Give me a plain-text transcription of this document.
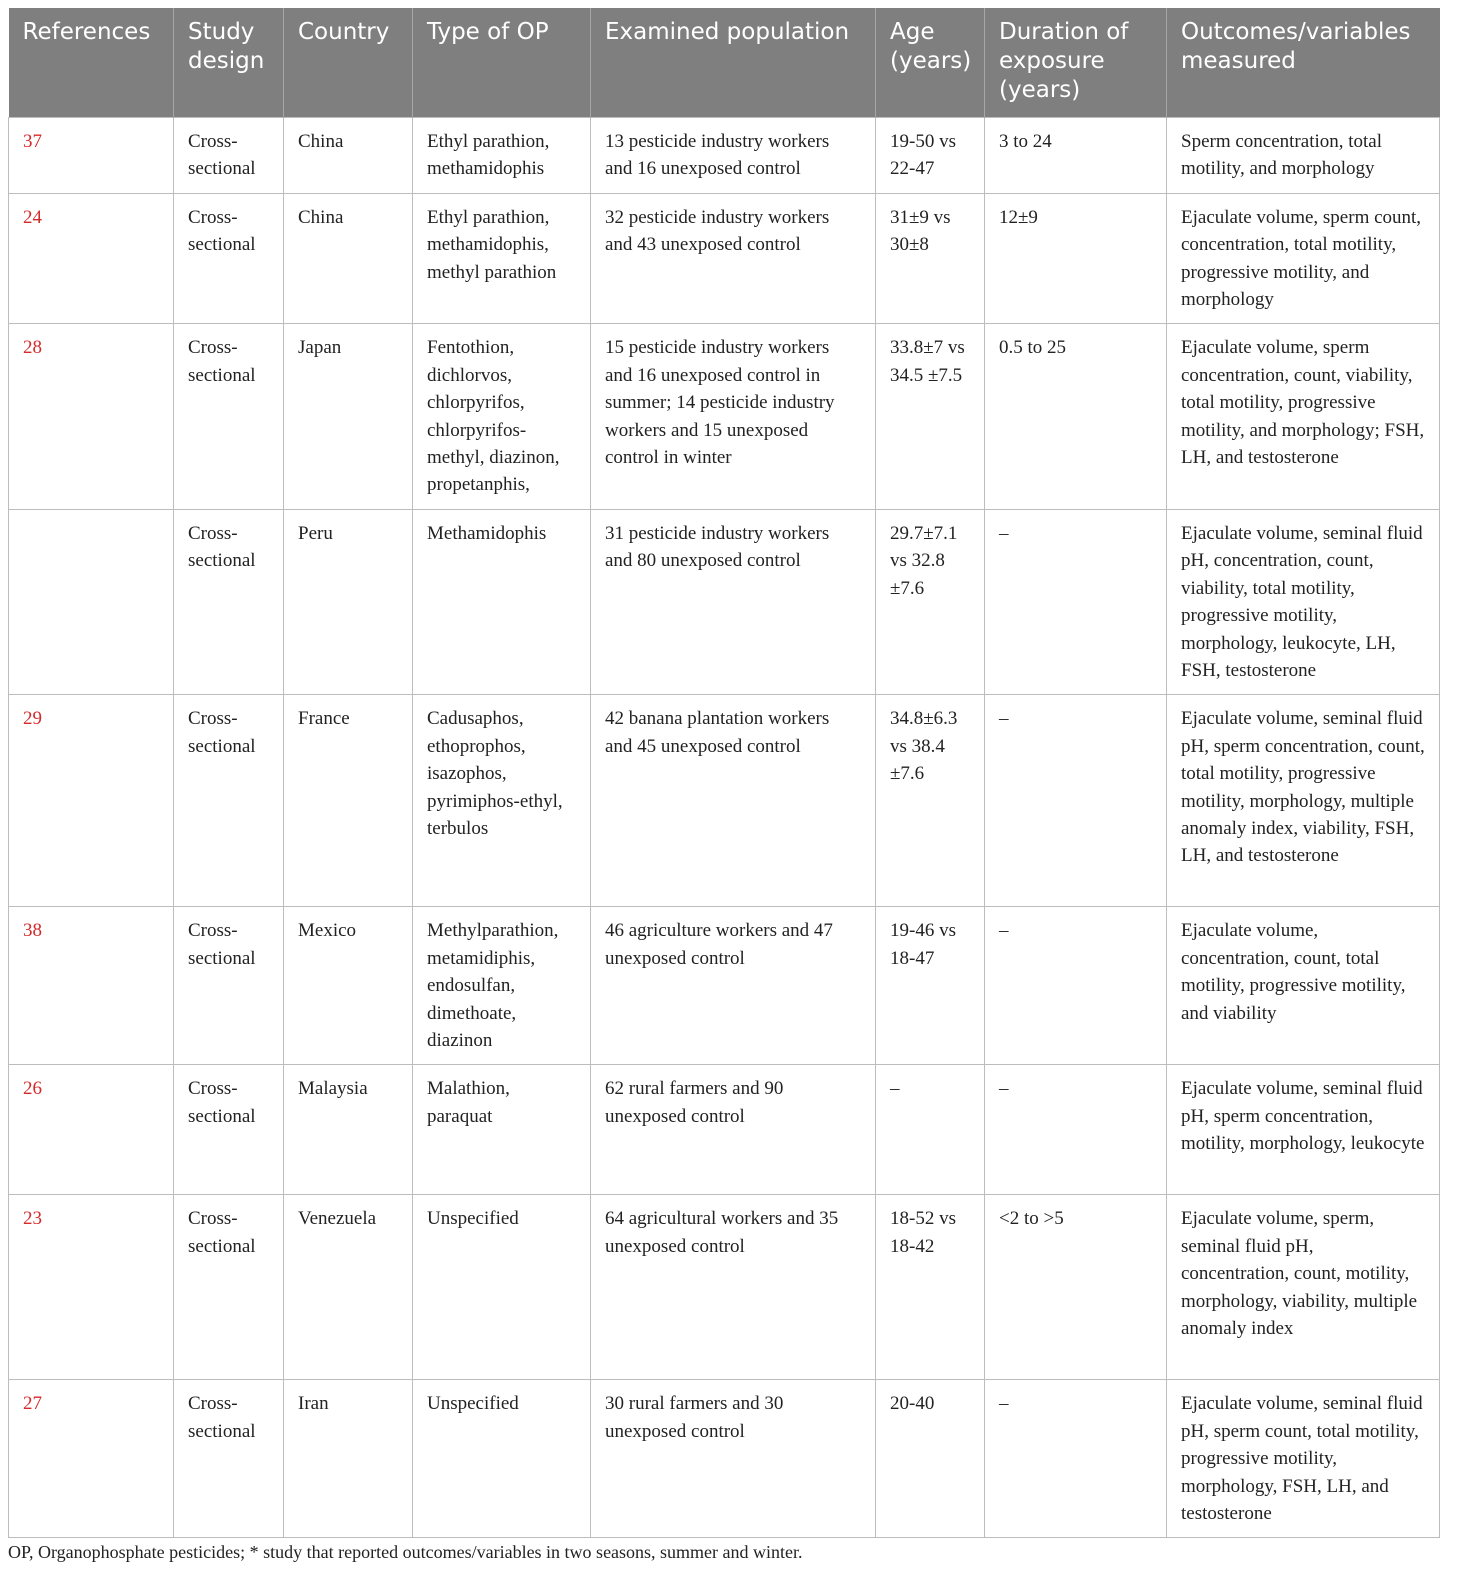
References	Study design	Country	Type of OP	Examined population	Age (years)	Duration of exposure (years)	Outcomes/variables measured
37	Cross-sectional	China	Ethyl parathion, methamidophis	13 pesticide industry workers and 16 unexposed control	19-50 vs 22-47	3 to 24	Sperm concentration, total motility, and morphology
24	Cross-sectional	China	Ethyl parathion, methamidophis, methyl parathion	32 pesticide industry workers and 43 unexposed control	31±9 vs 30±8	12±9	Ejaculate volume, sperm count, concentration, total motility, progressive motility, and morphology
28	Cross-sectional	Japan	Fentothion, dichlorvos, chlorpyrifos, chlorpyrifos-methyl, diazinon, propetanphis,	15 pesticide industry workers and 16 unexposed control in summer; 14 pesticide industry workers and 15 unexposed control in winter	33.8±7 vs 34.5 ±7.5	0.5 to 25	Ejaculate volume, sperm concentration, count, viability, total motility, progressive motility, and morphology; FSH, LH, and testosterone
	Cross-sectional	Peru	Methamidophis	31 pesticide industry workers and 80 unexposed control	29.7±7.1 vs 32.8 ±7.6	–	Ejaculate volume, seminal fluid pH, concentration, count, viability, total motility, progressive motility, morphology, leukocyte, LH, FSH, testosterone
29	Cross-sectional	France	Cadusaphos, ethoprophos, isazophos, pyrimiphos-ethyl, terbulos	42 banana plantation workers and 45 unexposed control	34.8±6.3 vs 38.4 ±7.6	–	Ejaculate volume, seminal fluid pH, sperm concentration, count, total motility, progressive motility, morphology, multiple anomaly index, viability, FSH, LH, and testosterone
38	Cross-sectional	Mexico	Methylparathion, metamidiphis, endosulfan, dimethoate, diazinon	46 agriculture workers and 47 unexposed control	19-46 vs 18-47	–	Ejaculate volume, concentration, count, total motility, progressive motility, and viability
26	Cross-sectional	Malaysia	Malathion, paraquat	62 rural farmers and 90 unexposed control	–	–	Ejaculate volume, seminal fluid pH, sperm concentration, motility, morphology, leukocyte
23	Cross-sectional	Venezuela	Unspecified	64 agricultural workers and 35 unexposed control	18-52 vs 18-42	<2 to >5	Ejaculate volume, sperm, seminal fluid pH, concentration, count, motility, morphology, viability, multiple anomaly index
27	Cross-sectional	Iran	Unspecified	30 rural farmers and 30 unexposed control	20-40	–	Ejaculate volume, seminal fluid pH, sperm count, total motility, progressive motility, morphology, FSH, LH, and testosterone
OP, Organophosphate pesticides; * study that reported outcomes/variables in two seasons, summer and winter.
